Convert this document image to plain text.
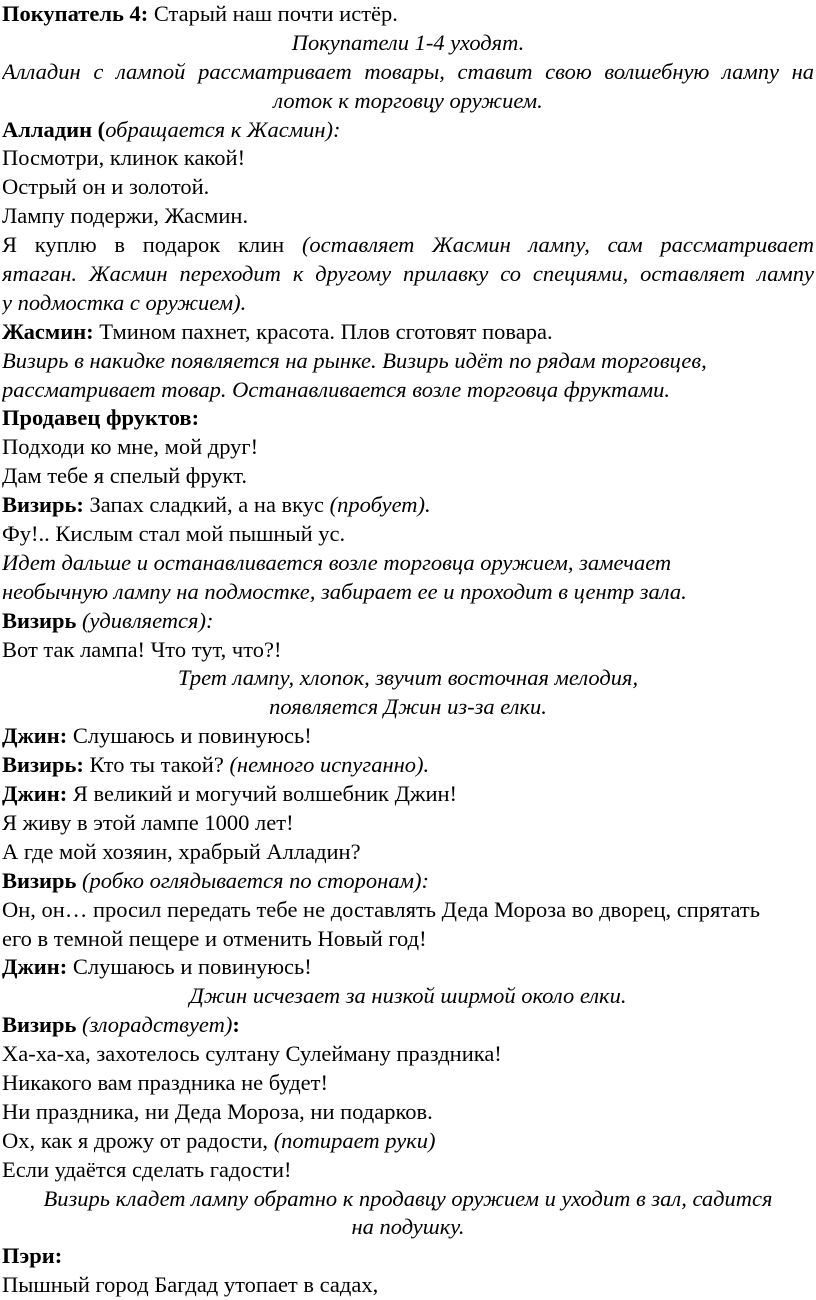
Покупатель 4: Старый наш почти истёр.
Покупатели 1-4 уходят.
Алладин с лампой рассматривает товары, ставит свою волшебную лампу на
лоток к торговцу оружием.
Алладин (обращается к Жасмин):
Посмотри, клинок какой!
Острый он и золотой.
Лампу подержи, Жасмин.
Я куплю в подарок клин (оставляет Жасмин лампу, сам рассматривает
ятаган. Жасмин переходит к другому прилавку со специями, оставляет лампу
у подмостка с оружием).
Жасмин: Тмином пахнет, красота. Плов сготовят повара.
Визирь в накидке появляется на рынке. Визирь идёт по рядам торговцев,
рассматривает товар. Останавливается возле торговца фруктами.
Продавец фруктов:
Подходи ко мне, мой друг!
Дам тебе я спелый фрукт.
Визирь: Запах сладкий, а на вкус (пробует).
Фу!.. Кислым стал мой пышный ус.
Идет дальше и останавливается возле торговца оружием, замечает
необычную лампу на подмостке, забирает ее и проходит в центр зала.
Визирь (удивляется):
Вот так лампа! Что тут, что?!
Трет лампу, хлопок, звучит восточная мелодия,
появляется Джин из-за елки.
Джин: Слушаюсь и повинуюсь!
Визирь: Кто ты такой? (немного испуганно).
Джин: Я великий и могучий волшебник Джин!
Я живу в этой лампе 1000 лет!
А где мой хозяин, храбрый Алладин?
Визирь (робко оглядывается по сторонам):
Он, он… просил передать тебе не доставлять Деда Мороза во дворец, спрятать
его в темной пещере и отменить Новый год!
Джин: Слушаюсь и повинуюсь!
Джин исчезает за низкой ширмой около елки.
Визирь (злорадствует):
Ха-ха-ха, захотелось султану Сулейману праздника!
Никакого вам праздника не будет!
Ни праздника, ни Деда Мороза, ни подарков.
Ох, как я дрожу от радости, (потирает руки)
Если удаётся сделать гадости!
Визирь кладет лампу обратно к продавцу оружием и уходит в зал, садится
на подушку.
Пэри:
Пышный город Багдад утопает в садах,
